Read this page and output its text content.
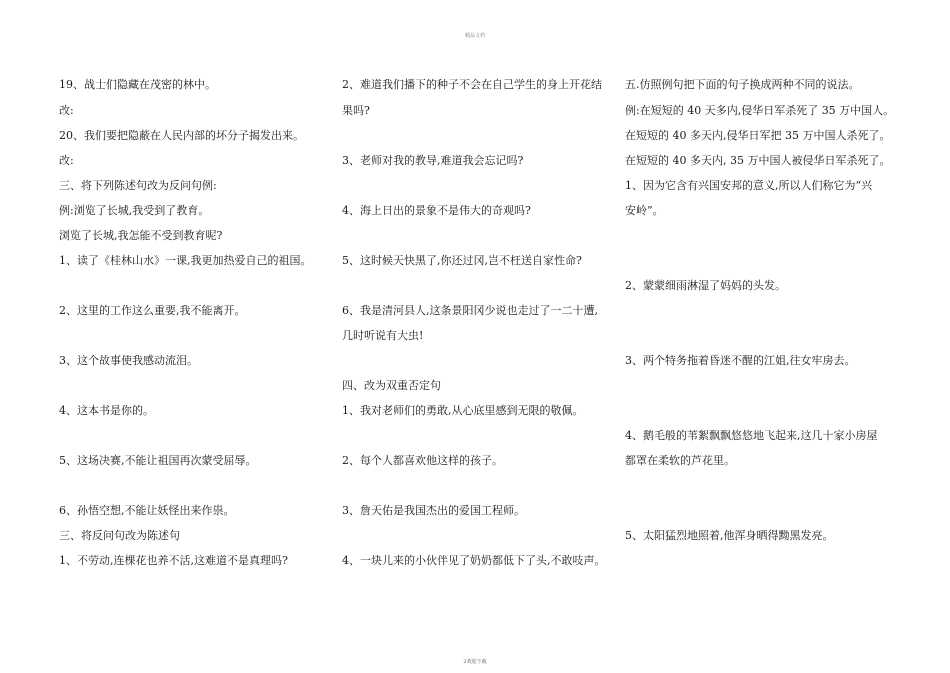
精品文档
19、战士们隐藏在茂密的林中。
改:
20、我们要把隐蔽在人民内部的坏分子揭发出来。
改:
三、将下列陈述句改为反问句例:
例:浏览了长城,我受到了教育。
浏览了长城,我怎能不受到教育呢?
1、读了《桂林山水》一课,我更加热爱自己的祖国。
2、这里的工作这么重要,我不能离开。
3、这个故事使我感动流泪。
4、这本书是你的。
5、这场决赛,不能让祖国再次蒙受屈辱。
6、孙悟空想,不能让妖怪出来作祟。
三、将反问句改为陈述句
1、不劳动,连棵花也养不活,这难道不是真理吗?
2、难道我们播下的种子不会在自己学生的身上开花结
果吗?
3、老师对我的教导,难道我会忘记吗?
4、海上日出的景象不是伟大的奇观吗?
5、这时候天快黑了,你还过冈,岂不枉送自家性命?
6、我是清河县人,这条景阳冈少说也走过了一二十遭,
几时听说有大虫!
四、改为双重否定句
1、我对老师们的勇敢,从心底里感到无限的敬佩。
2、每个人都喜欢他这样的孩子。
3、詹天佑是我国杰出的爱国工程师。
4、一块儿来的小伙伴见了奶奶都低下了头,不敢吱声。
五.仿照例句把下面的句子换成两种不同的说法。
例:在短短的 40 天多内,侵华日军杀死了 35 万中国人。
在短短的 40 多天内,侵华日军把 35 万中国人杀死了。
在短短的 40 多天内, 35 万中国人被侵华日军杀死了。
1、因为它含有兴国安邦的意义,所以人们称它为“兴
安岭”。
2、蒙蒙细雨淋湿了妈妈的头发。
3、两个特务拖着昏迷不醒的江姐,往女牢房去。
4、鹅毛般的苇絮飘飘悠悠地飞起来,这几十家小房屋
都罩在柔软的芦花里。
5、太阳猛烈地照着,他浑身晒得黝黑发亮。
2欢迎下载
